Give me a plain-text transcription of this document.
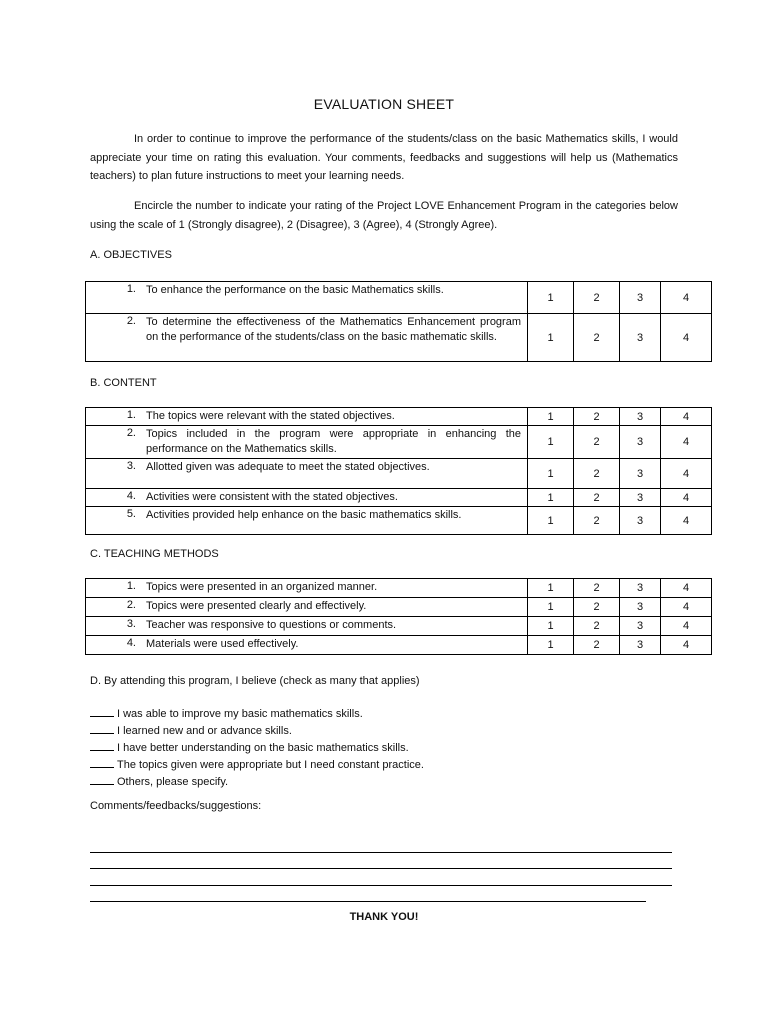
EVALUATION SHEET
In order to continue to improve the performance of the students/class on the basic Mathematics skills, I would appreciate your time on rating this evaluation. Your comments, feedbacks and suggestions will help us (Mathematics teachers) to plan future instructions to meet your learning needs.
Encircle the number to indicate your rating of the Project LOVE Enhancement Program in the categories below using the scale of 1 (Strongly disagree), 2 (Disagree), 3 (Agree), 4 (Strongly Agree).
A. OBJECTIVES
1. To enhance the performance on the basic Mathematics skills.	1	2	3	4

2. To determine the effectiveness of the Mathematics Enhancement program on the performance of the students/class on the basic mathematic skills.	1	2	3	4
B. CONTENT
1. The topics were relevant with the stated objectives.	1	2	3	4

2. Topics included in the program were appropriate in enhancing the performance on the Mathematics skills.	1	2	3	4

3. Allotted given was adequate to meet the stated objectives.	1	2	3	4

4. Activities were consistent with the stated objectives.	1	2	3	4

5. Activities provided help enhance on the basic mathematics skills.	1	2	3	4
C. TEACHING METHODS
1. Topics were presented in an organized manner.	1	2	3	4

2. Topics were presented clearly and effectively.	1	2	3	4

3. Teacher was responsive to questions or comments.	1	2	3	4

4. Materials were used effectively.	1	2	3	4
D. By attending this program, I believe (check as many that applies)
I was able to improve my basic mathematics skills.
I learned new and or advance skills.
I have better understanding on the basic mathematics skills.
The topics given were appropriate but I need constant practice.
Others, please specify.
Comments/feedbacks/suggestions:
THANK YOU!
